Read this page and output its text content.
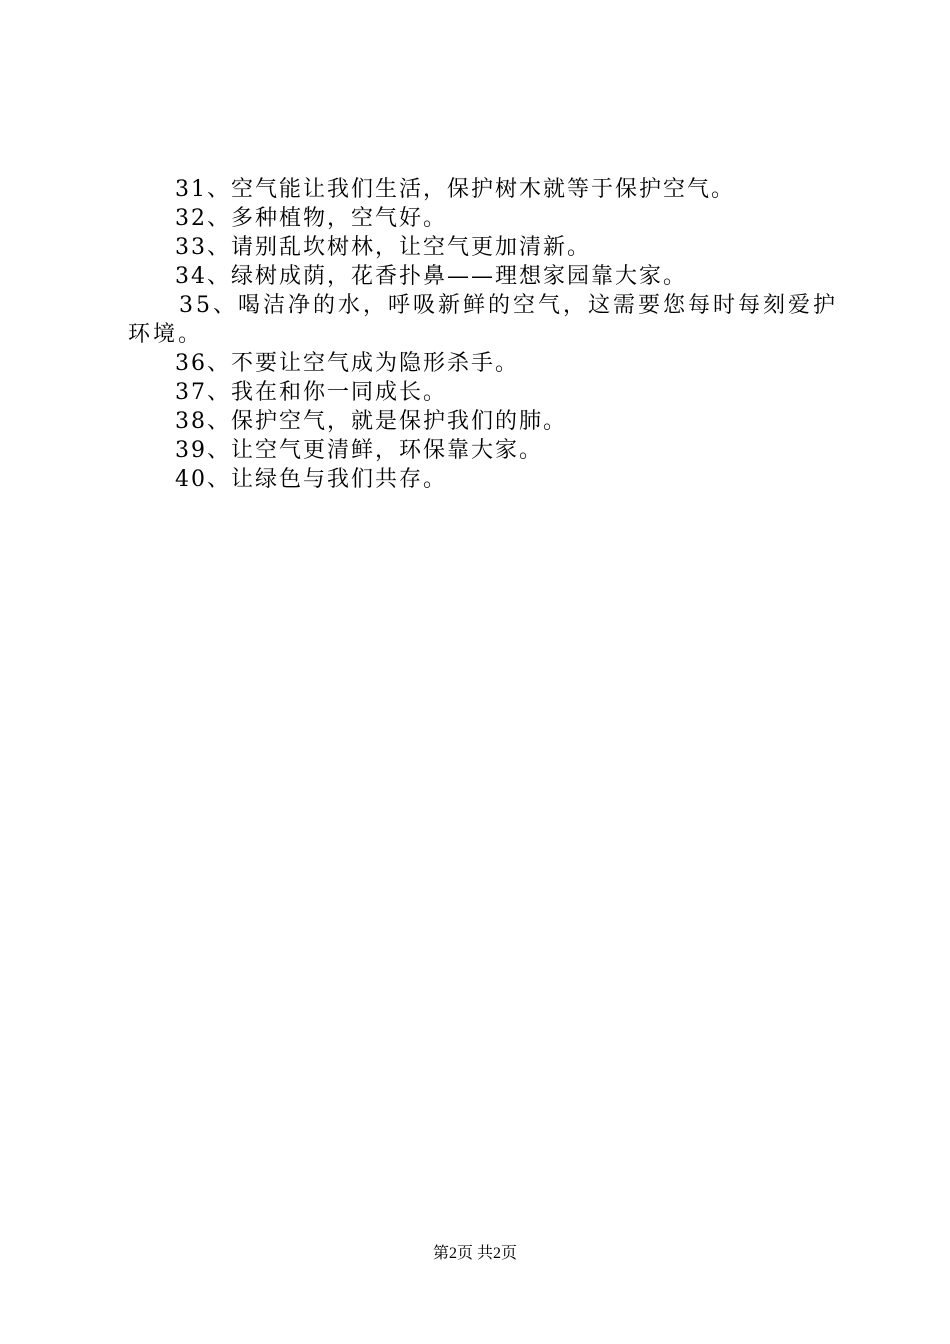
31、空气能让我们生活，保护树木就等于保护空气。
32、多种植物，空气好。
33、请别乱坎树林，让空气更加清新。
34、绿树成荫，花香扑鼻——理想家园靠大家。
35、喝洁净的水，呼吸新鲜的空气，这需要您每时每刻爱护环境。
36、不要让空气成为隐形杀手。
37、我在和你一同成长。
38、保护空气，就是保护我们的肺。
39、让空气更清鲜，环保靠大家。
40、让绿色与我们共存。
第2页 共2页
